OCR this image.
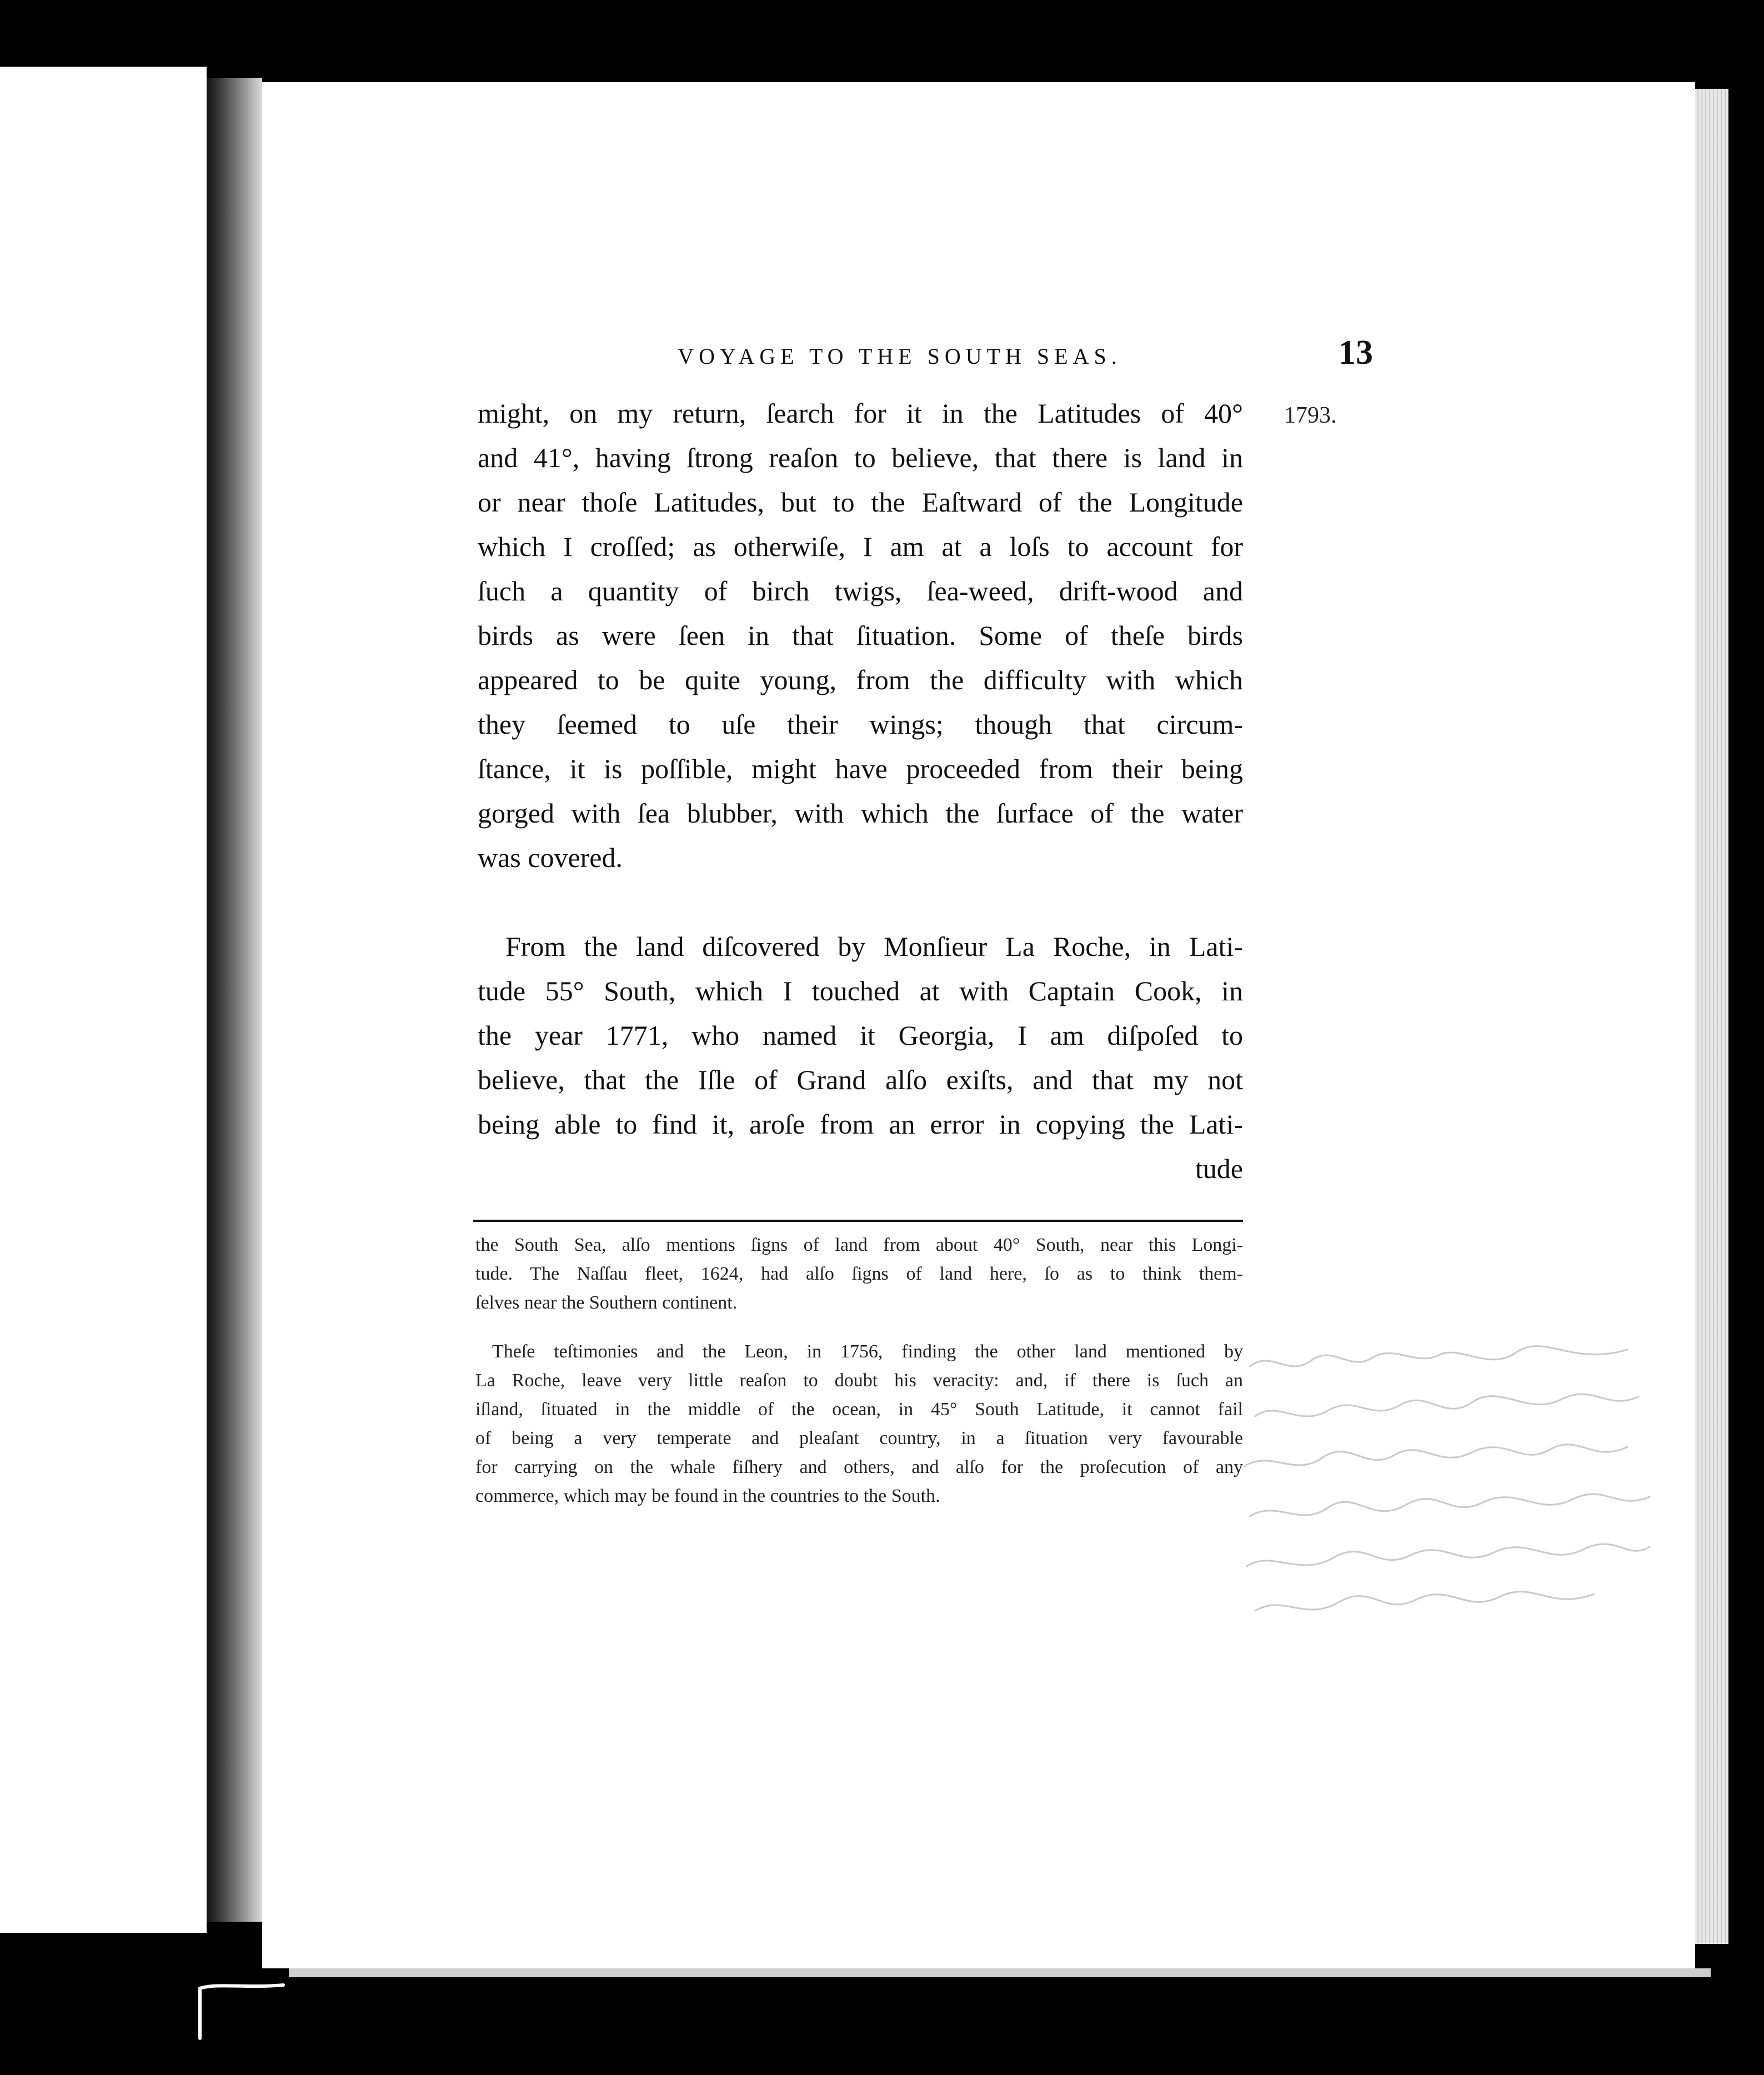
VOYAGE TO THE SOUTH SEAS.	13
1793.
might, on my return, ſearch for it in the Latitudes of 40°
and 41°, having ſtrong reaſon to believe, that there is land in
or near thoſe Latitudes, but to the Eaſtward of the Longitude
which I croſſed; as otherwiſe, I am at a loſs to account for
ſuch a quantity of birch twigs, ſea-weed, drift-wood and
birds as were ſeen in that ſituation. Some of theſe birds
appeared to be quite young, from the difficulty with which
they ſeemed to uſe their wings; though that circum-
ſtance, it is poſſible, might have proceeded from their being
gorged with ſea blubber, with which the ſurface of the water
was covered.
From the land diſcovered by Monſieur La Roche, in Lati-
tude 55° South, which I touched at with Captain Cook, in
the year 1771, who named it Georgia, I am diſpoſed to
believe, that the Iſle of Grand alſo exiſts, and that my not
being able to find it, aroſe from an error in copying the Lati-
tude
the South Sea, alſo mentions ſigns of land from about 40° South, near this Longi-
tude. The Naſſau fleet, 1624, had alſo ſigns of land here, ſo as to think them-
ſelves near the Southern continent.
Theſe teſtimonies and the Leon, in 1756, finding the other land mentioned by
La Roche, leave very little reaſon to doubt his veracity: and, if there is ſuch an
iſland, ſituated in the middle of the ocean, in 45° South Latitude, it cannot fail
of being a very temperate and pleaſant country, in a ſituation very favourable
for carrying on the whale fiſhery and others, and alſo for the proſecution of any
commerce, which may be found in the countries to the South.
